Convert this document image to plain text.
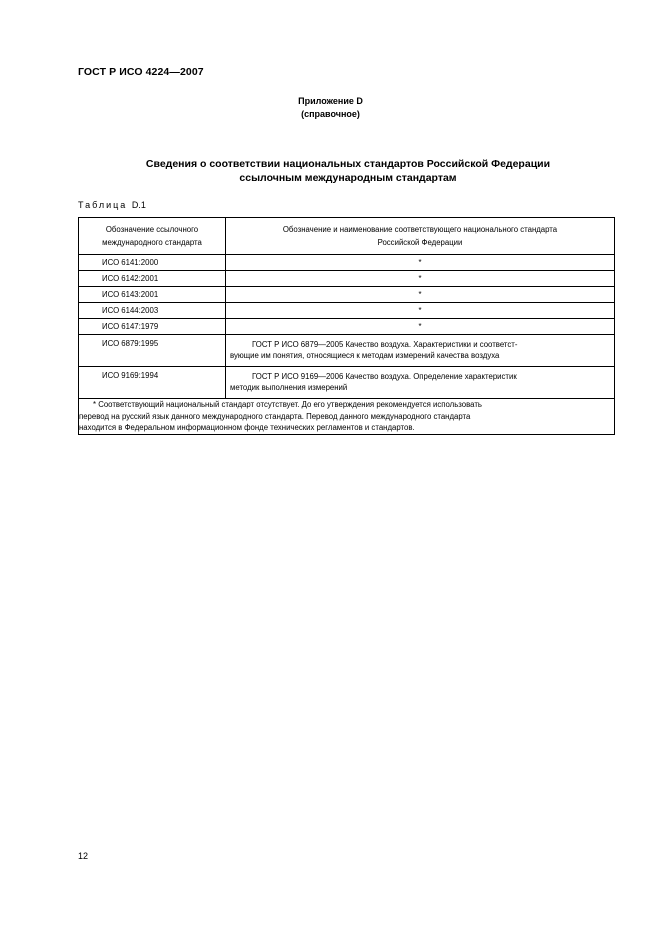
ГОСТ Р ИСО 4224—2007
Приложение D
(справочное)
Сведения о соответствии национальных стандартов Российской Федерации
ссылочным международным стандартам
Таблица D.1
Обозначение ссылочного
международного стандарта	Обозначение и наименование соответствующего национального стандарта
Российской Федерации
ИСО 6141:2000	*
ИСО 6142:2001	*
ИСО 6143:2001	*
ИСО 6144:2003	*
ИСО 6147:1979	*
ИСО 6879:1995	ГОСТ Р ИСО 6879—2005 Качество воздуха. Характеристики и соответст-
вующие им понятия, относящиеся к методам измерений качества воздуха

ИСО 9169:1994	ГОСТ Р ИСО 9169—2006 Качество воздуха. Определение характеристик
методик выполнения измерений

* Соответствующий национальный стандарт отсутствует. До его утверждения рекомендуется использовать
перевод на русский язык данного международного стандарта. Перевод данного международного стандарта
находится в Федеральном информационном фонде технических регламентов и стандартов.	
12
